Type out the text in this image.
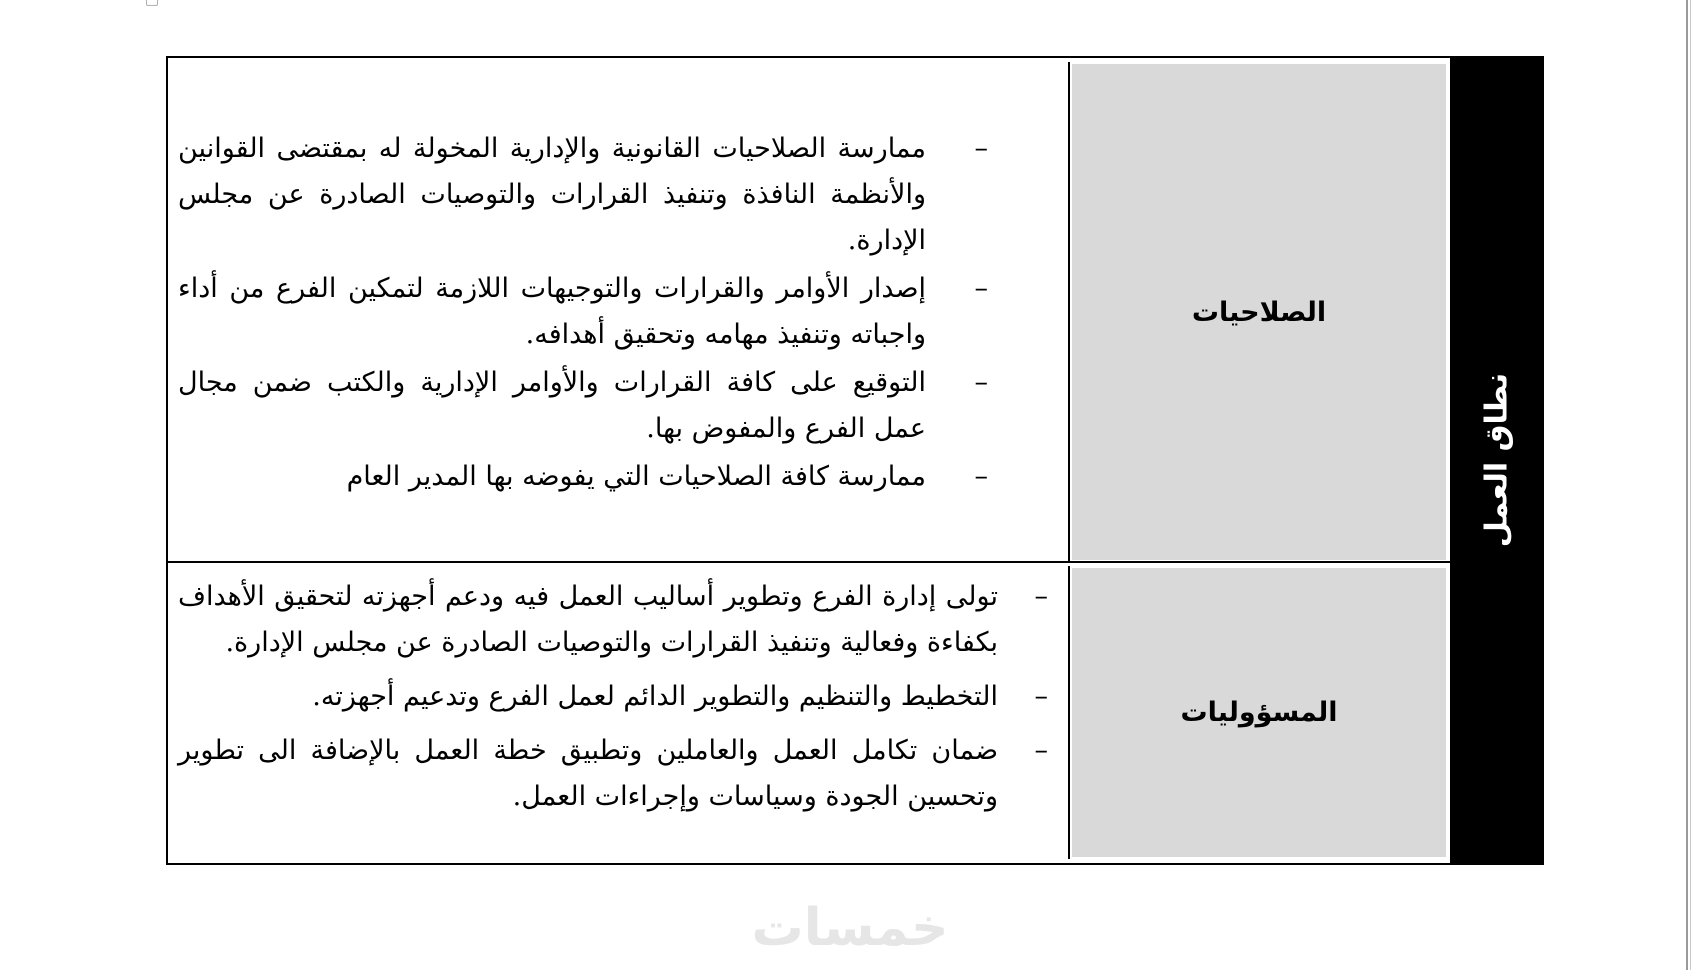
نطاق العمل
الصلاحيات
المسؤوليات
–
ممارسة الصلاحيات القانونية والإدارية المخولة له بمقتضى القوانين والأنظمة النافذة وتنفيذ القرارات والتوصيات الصادرة عن مجلس الإدارة.
–
إصدار الأوامر والقرارات والتوجيهات اللازمة لتمكين الفرع من أداء واجباته وتنفيذ مهامه وتحقيق أهدافه.
–
التوقيع على كافة القرارات والأوامر الإدارية والكتب ضمن مجال عمل الفرع والمفوض بها.
–
ممارسة كافة الصلاحيات التي يفوضه بها المدير العام
–
تولى إدارة الفرع وتطوير أساليب العمل فيه ودعم أجهزته لتحقيق الأهداف بكفاءة وفعالية وتنفيذ القرارات والتوصيات الصادرة عن مجلس الإدارة.
–
التخطيط والتنظيم والتطوير الدائم لعمل الفرع وتدعيم أجهزته.
–
ضمان تكامل العمل والعاملين وتطبيق خطة العمل بالإضافة الى تطوير وتحسين الجودة وسياسات وإجراءات العمل.
خمسات
